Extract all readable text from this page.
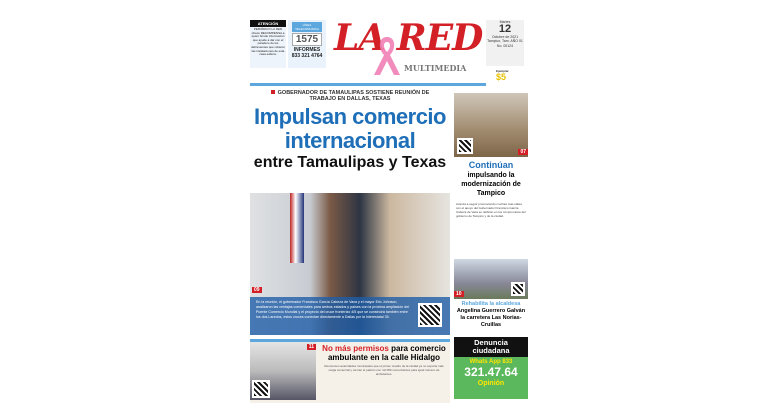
ATENCIÓN
PERIÓDICO LA RED ofrece RECOMPENSA a quien brinde información que ayude a dar con el paradero de los delincuentes que robaron las instalaciones de esta casa editora.
LÍNEA TELECOMUNICA
1575
INFORMES
833 321 4764 LA RED
MULTIMEDIA
Martes
12
Octubre de 2021
Tampico, Tam. AÑO 01 No. 00124
Ejemplar
$5
GOBERNADOR DE TAMAULIPAS SOSTIENE REUNIÓN DE TRABAJO EN DALLAS, TEXAS
Impulsan comercio
internacional
entre Tamaulipas y Texas
09
En la reunión, el gobernador Francisco García Cabeza de Vaca y el mayor Eric Johnson, analizaron las ventajas comerciales para ambos estados y países con la próxima ampliación del Puente Comercio Mundial y el proyecto del cruce fronterizo 4/5 que se construirá también entre los dos Laredos, estos cruces conectan directamente a Dallas por la Interestatal 35.
07
Continúan
impulsando la modernización de Tampico
Avanza a seguir promoviendo muchas más calles con el apoyo del Gobernador Francisco García Cabeza de Vaca se ratifican en los compromisos del gobierno de Tampico y de la ciudad.
10
Rehabilita la alcaldesa
Angelina Guerrero Galván la carretera Las Norias-Cruillas
Denuncia ciudadana
Whats App 833
321.47.64
Opinión
11 No más permisos para comercio ambulante en la calle Hidalgo
Reconocen autoridades municipales que el primer cuadro de la ciudad ya no soporta más carga comercial y cierran el padrón con mil 050 comerciantes para igual número de ambulantes.
